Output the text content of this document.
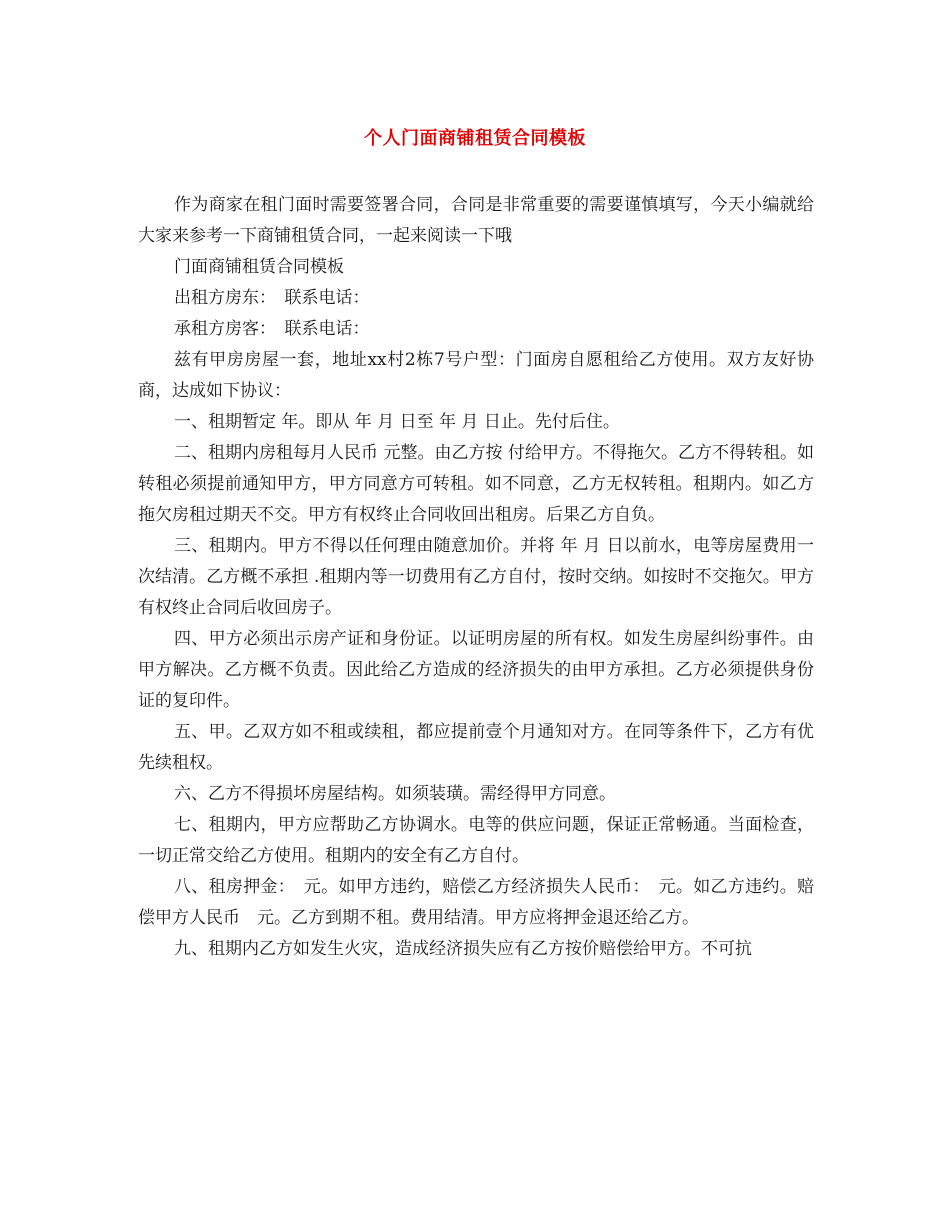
个人门面商铺租赁合同模板

作为商家在租门面时需要签署合同，合同是非常重要的需要谨慎填写，今天小编就给大家来参考一下商铺租赁合同，一起来阅读一下哦

门面商铺租赁合同模板

出租方房东：　联系电话：

承租方房客：　联系电话：

兹有甲房房屋一套，地址xx村2栋7号户型：门面房自愿租给乙方使用。双方友好协商，达成如下协议：

一、租期暂定 年。即从 年 月 日至 年 月 日止。先付后住。

二、租期内房租每月人民币 元整。由乙方按 付给甲方。不得拖欠。乙方不得转租。如转租必须提前通知甲方，甲方同意方可转租。如不同意，乙方无权转租。租期内。如乙方拖欠房租过期天不交。甲方有权终止合同收回出租房。后果乙方自负。

三、租期内。甲方不得以任何理由随意加价。并将 年 月 日以前水，电等房屋费用一次结清。乙方概不承担 .租期内等一切费用有乙方自付，按时交纳。如按时不交拖欠。甲方有权终止合同后收回房子。

四、甲方必须出示房产证和身份证。以证明房屋的所有权。如发生房屋纠纷事件。由甲方解决。乙方概不负责。因此给乙方造成的经济损失的由甲方承担。乙方必须提供身份证的复印件。

五、甲。乙双方如不租或续租，都应提前壹个月通知对方。在同等条件下，乙方有优先续租权。

六、乙方不得损坏房屋结构。如须装璜。需经得甲方同意。

七、租期内，甲方应帮助乙方协调水。电等的供应问题，保证正常畅通。当面检查，一切正常交给乙方使用。租期内的安全有乙方自付。

八、租房押金：　元。如甲方违约，赔偿乙方经济损失人民币：　元。如乙方违约。赔偿甲方人民币　元。乙方到期不租。费用结清。甲方应将押金退还给乙方。

九、租期内乙方如发生火灾，造成经济损失应有乙方按价赔偿给甲方。不可抗
